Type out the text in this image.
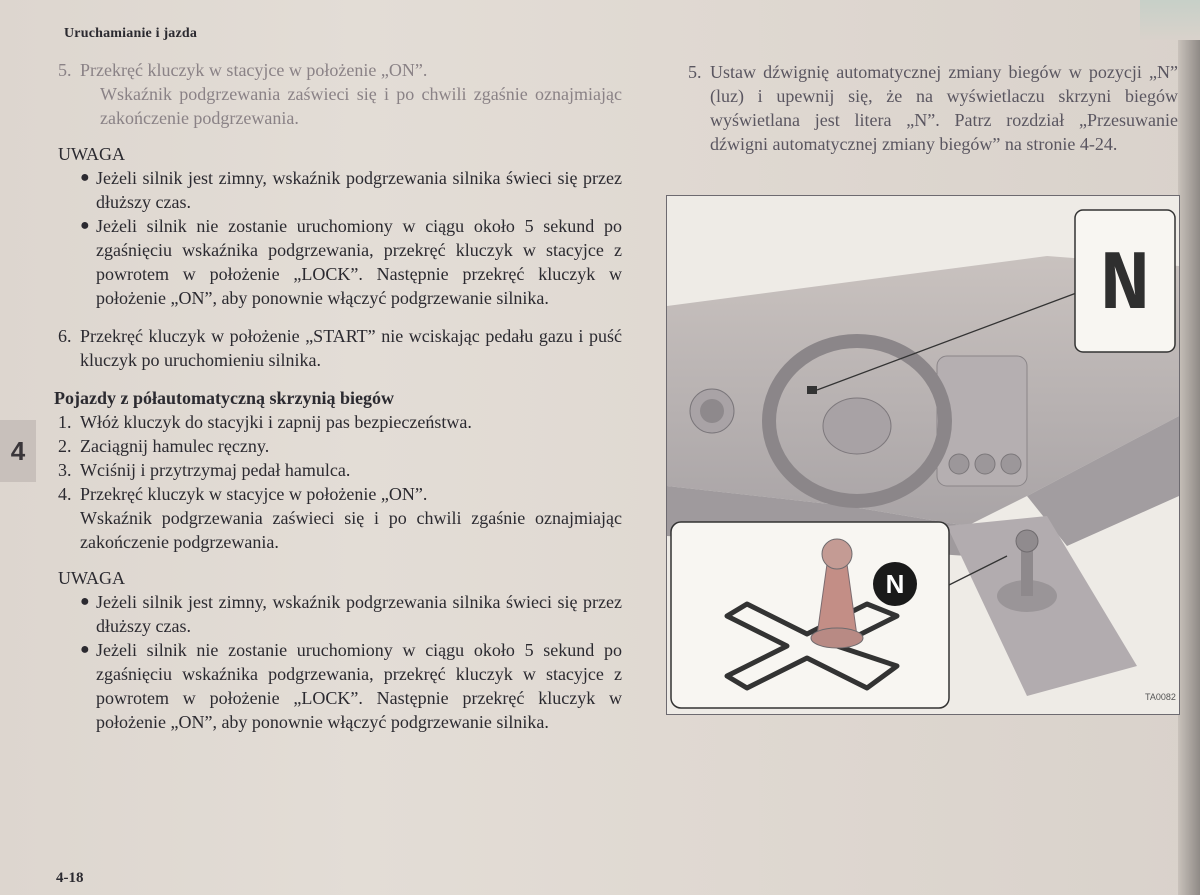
Uruchamianie i jazda
5. Przekręć kluczyk w stacyjce w położenie „ON”.

Wskaźnik podgrzewania zaświeci się i po chwili zgaśnie oznajmiając zakończenie podgrzewania.

UWAGA
● Jeżeli silnik jest zimny, wskaźnik podgrzewania silnika świeci się przez dłuższy czas.
● Jeżeli silnik nie zostanie uruchomiony w ciągu około 5 sekund po zgaśnięciu wskaźnika podgrzewania, przekręć kluczyk w stacyjce z powrotem w położenie „LOCK”. Następnie przekręć kluczyk w położenie „ON”, aby ponownie włączyć podgrzewanie silnika.
6. Przekręć kluczyk w położenie „START” nie wciskając pedału gazu i puść kluczyk po uruchomieniu silnika.
Pojazdy z półautomatyczną skrzynią biegów
1. Włóż kluczyk do stacyjki i zapnij pas bezpieczeństwa.
2. Zaciągnij hamulec ręczny.
3. Wciśnij i przytrzymaj pedał hamulca.
4. Przekręć kluczyk w stacyjce w położenie „ON”.

Wskaźnik podgrzewania zaświeci się i po chwili zgaśnie oznajmiając zakończenie podgrzewania.

UWAGA
● Jeżeli silnik jest zimny, wskaźnik podgrzewania silnika świeci się przez dłuższy czas.
● Jeżeli silnik nie zostanie uruchomiony w ciągu około 5 sekund po zgaśnięciu wskaźnika podgrzewania, przekręć kluczyk w stacyjce z powrotem w położenie „LOCK”. Następnie przekręć kluczyk w położenie „ON”, aby ponownie włączyć podgrzewanie silnika.
4
4-18
5. Ustaw dźwignię automatycznej zmiany biegów w pozycji „N” (luz) i upewnij się, że na wyświetlaczu skrzyni biegów wyświetlana jest litera „N”. Patrz rozdział „Przesuwanie dźwigni automatycznej zmiany biegów” na stronie 4-24.
N
N
TA0082
